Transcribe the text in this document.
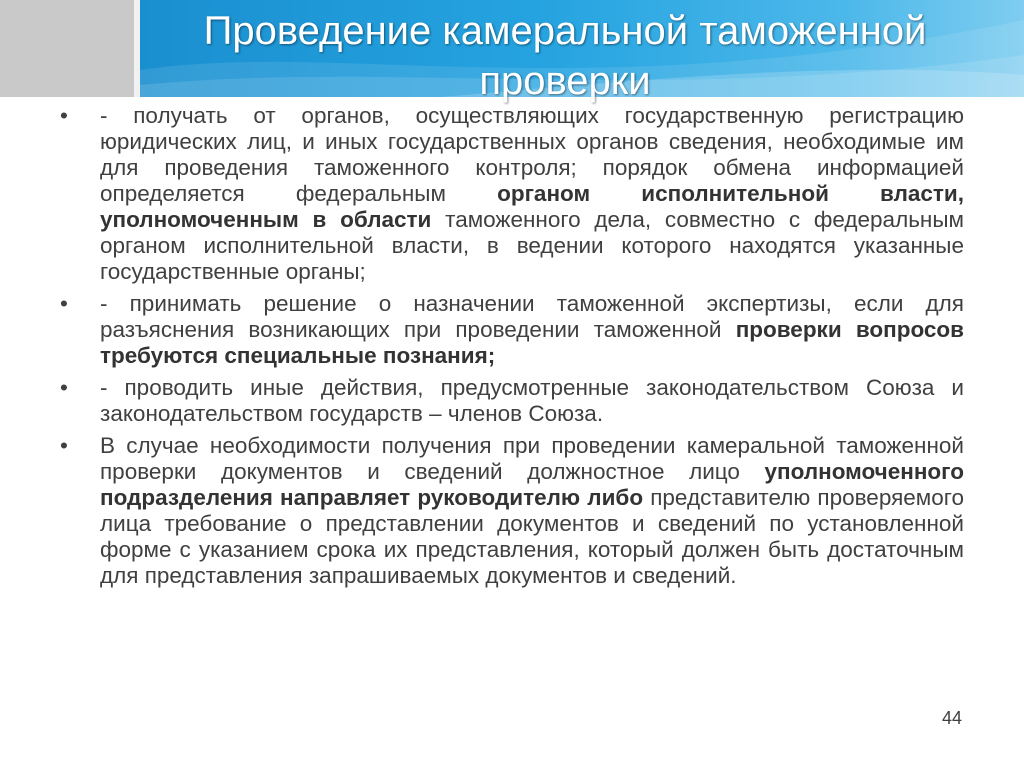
Проведение камеральной таможенной проверки
•	- получать от органов, осуществляющих государственную регистрацию юридических лиц, и иных государственных органов сведения, необходимые им для проведения таможенного контроля; порядок обмена информацией определяется федеральным органом исполнительной власти, уполномоченным в области таможенного дела, совместно с федеральным органом исполнительной власти, в ведении которого находятся указанные государственные органы;
•	- принимать решение о назначении таможенной экспертизы, если для разъяснения возникающих при проведении таможенной проверки вопросов требуются специальные познания;
•	- проводить иные действия, предусмотренные законодательством Союза и законодательством государств – членов Союза.
•	В случае необходимости получения при проведении камеральной таможенной проверки документов и сведений должностное лицо уполномоченного подразделения направляет руководителю либо представителю проверяемого лица требование о представлении документов и сведений по установленной форме с указанием срока их представления, который должен быть достаточным для представления запрашиваемых документов и сведений.
44
